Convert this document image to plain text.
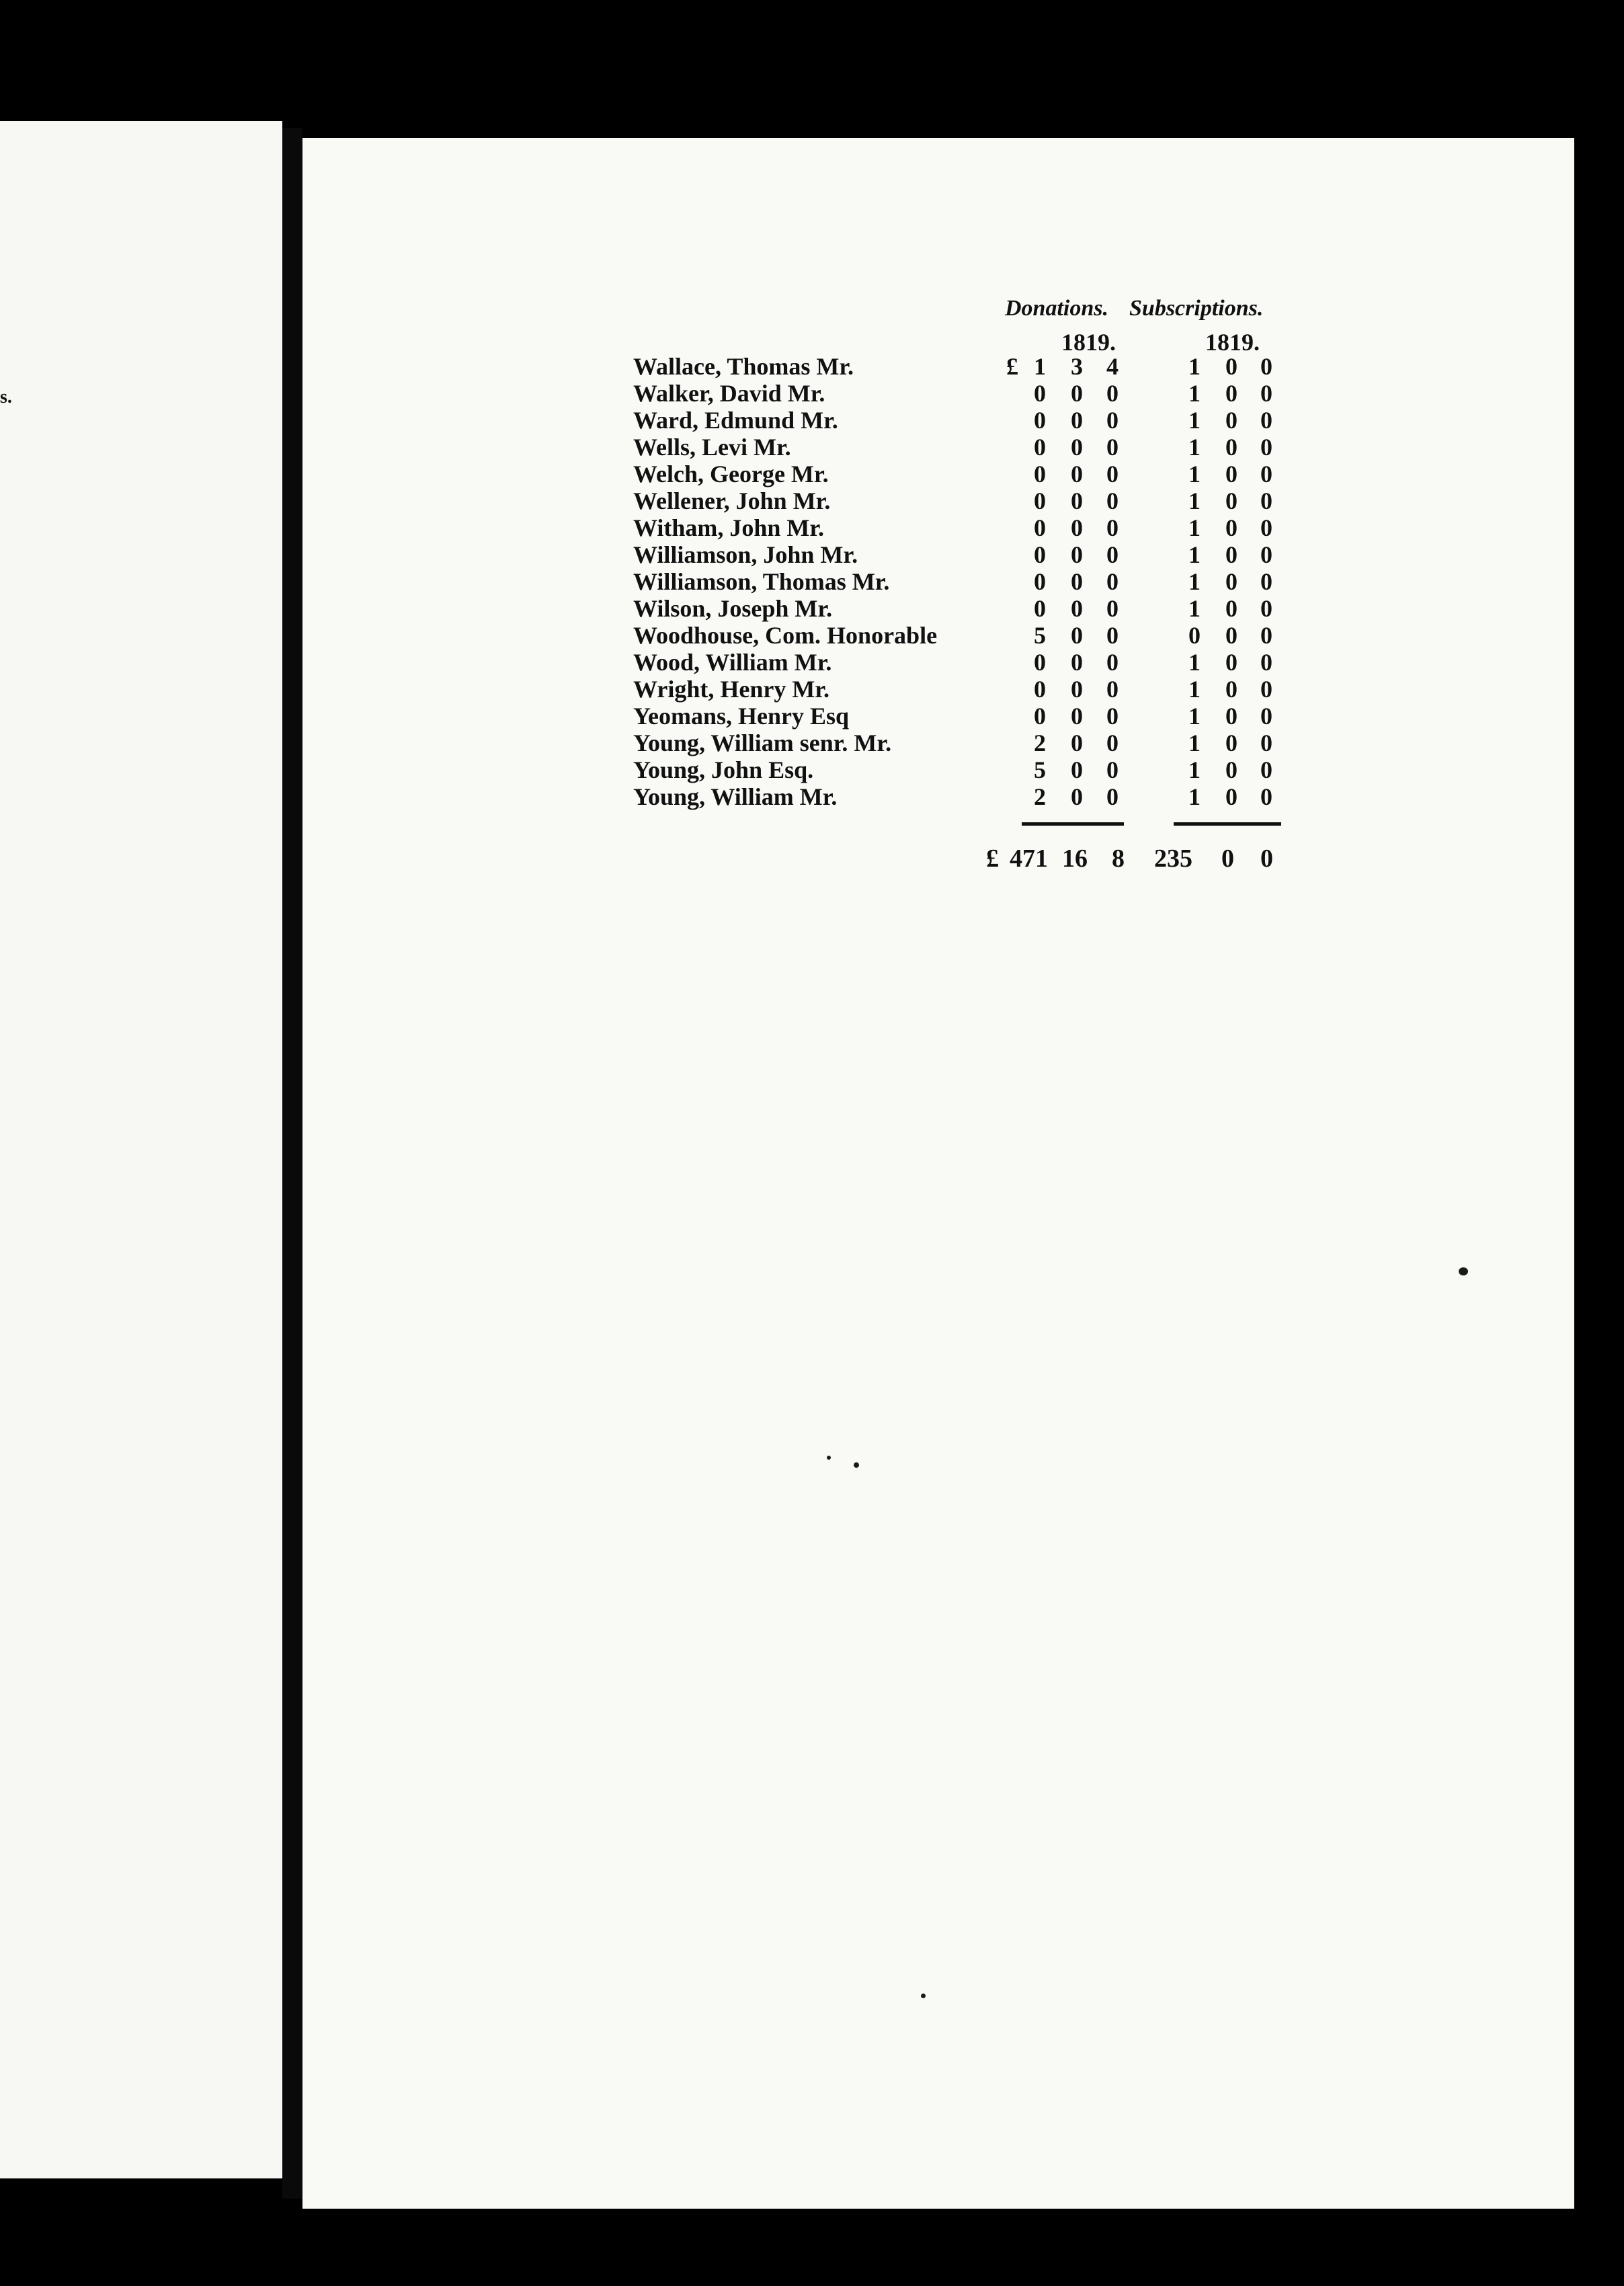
s.
Donations. Subscriptions.
1819.	1819.
Wallace, Thomas Mr.	£ 1	3 4	1	0 0
Walker, David Mr.	0	0 0	1	0 0
Ward, Edmund Mr.	0	0 0	1	0 0
Wells, Levi Mr.	0	0 0	1	0 0
Welch, George Mr.	0	0 0	1	0 0
Wellener, John Mr.	0	0 0	1	0 0
Witham, John Mr.	0	0 0	1	0 0
Williamson, John Mr.	0	0 0	1	0 0
Williamson, Thomas Mr.	0	0 0	1	0 0
Wilson, Joseph Mr.	0	0 0	1	0 0
Woodhouse, Com. Honorable	5	0 0	0	0 0
Wood, William Mr.	0	0 0	1	0 0
Wright, Henry Mr.	0	0 0	1	0 0
Yeomans, Henry Esq	0	0 0	1	0 0
Young, William senr. Mr.	2	0 0	1	0 0
Young, John Esq.	5	0 0	1	0 0
Young, William Mr.	2	0 0	1	0 0
£ 471 16 8 235 0 0
